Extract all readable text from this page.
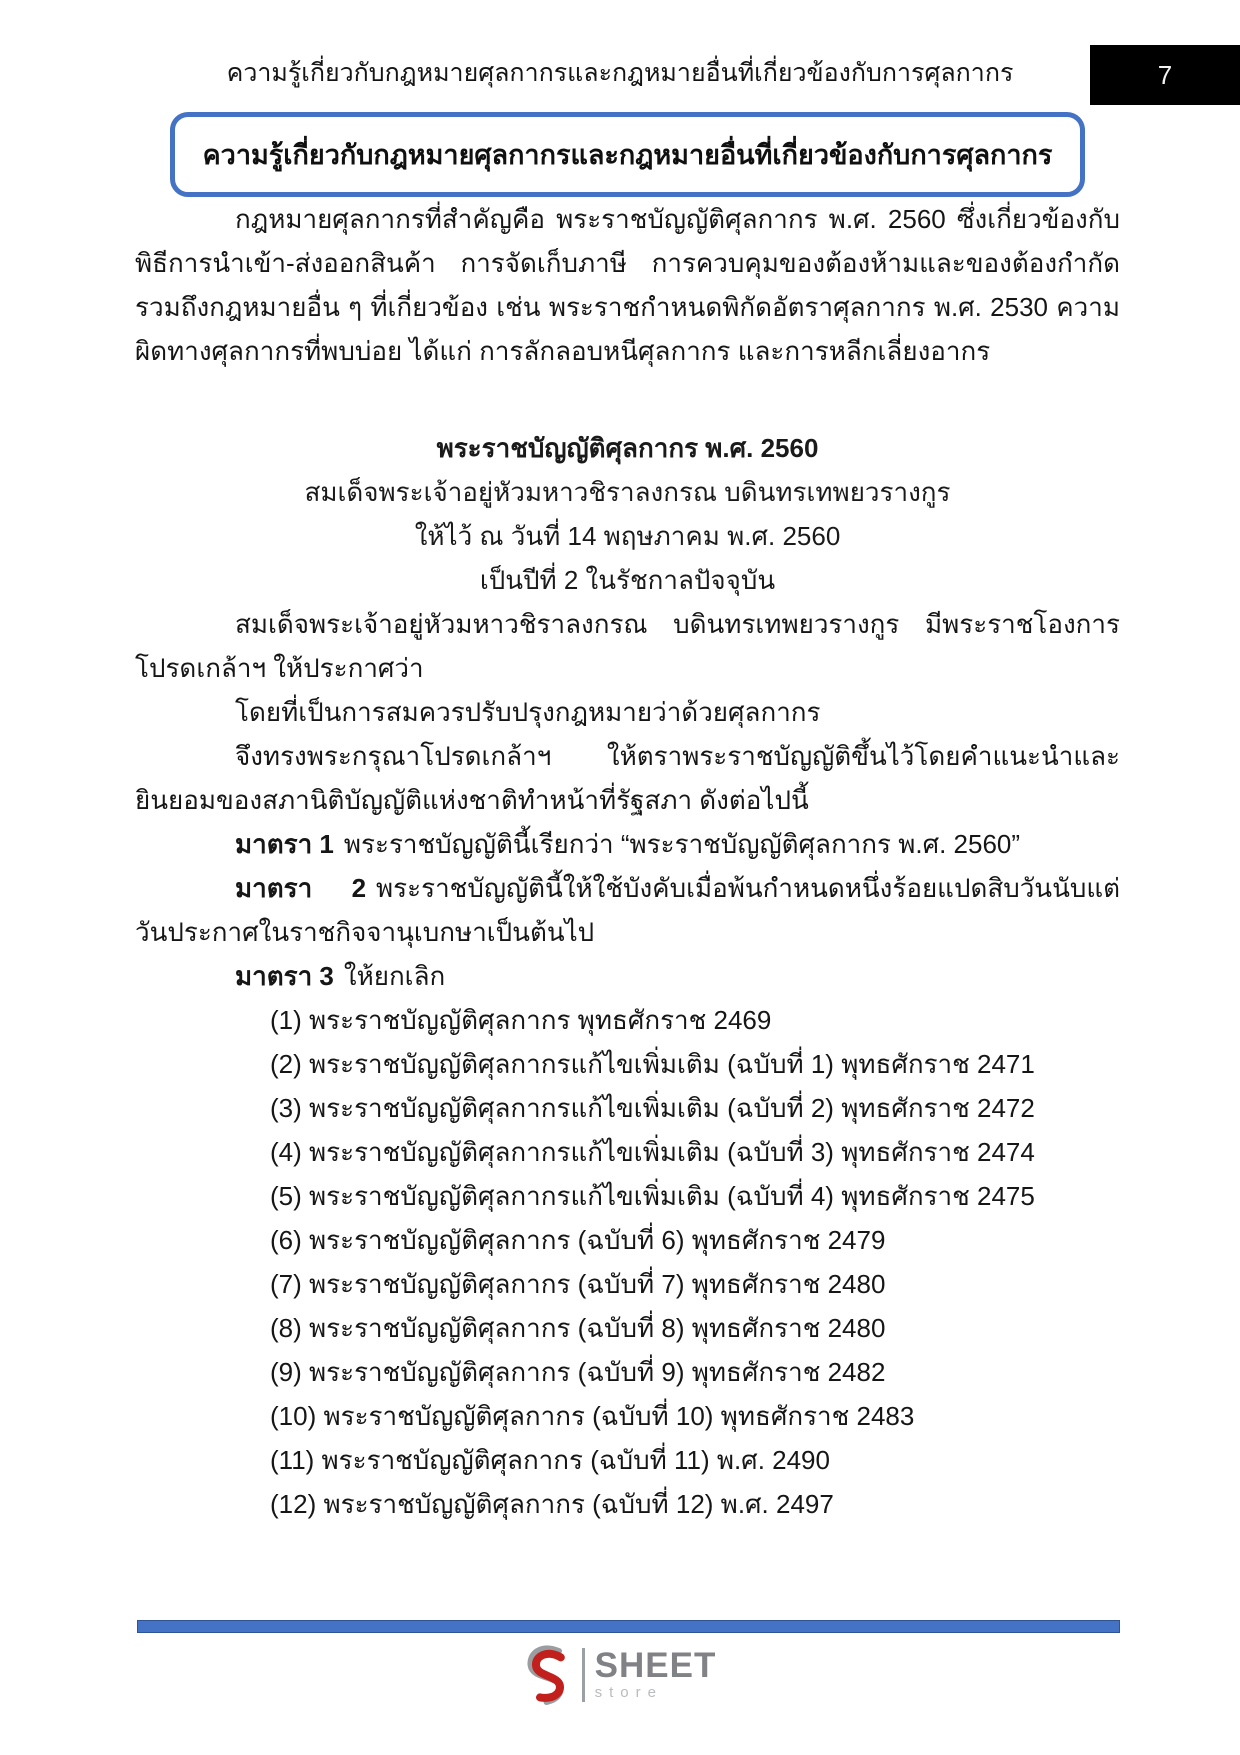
ความรู้เกี่ยวกับกฎหมายศุลกากรและกฎหมายอื่นที่เกี่ยวข้องกับการศุลกากร	7
ความรู้เกี่ยวกับกฎหมายศุลกากรและกฎหมายอื่นที่เกี่ยวข้องกับการศุลกากร

กฎหมายศุลกากรที่สำคัญคือ พระราชบัญญัติศุลกากร พ.ศ. 2560 ซึ่งเกี่ยวข้องกับพิธีการนำเข้า-ส่งออกสินค้า การจัดเก็บภาษี การควบคุมของต้องห้ามและของต้องกำกัด รวมถึงกฎหมายอื่น ๆ ที่เกี่ยวข้อง เช่น พระราชกำหนดพิกัดอัตราศุลกากร พ.ศ. 2530 ความผิดทางศุลกากรที่พบบ่อย ได้แก่ การลักลอบหนีศุลกากร และการหลีกเลี่ยงอากร

พระราชบัญญัติศุลกากร พ.ศ. 2560
สมเด็จพระเจ้าอยู่หัวมหาวชิราลงกรณ บดินทรเทพยวรางกูร
ให้ไว้ ณ วันที่ 14 พฤษภาคม พ.ศ. 2560
เป็นปีที่ 2 ในรัชกาลปัจจุบัน

สมเด็จพระเจ้าอยู่หัวมหาวชิราลงกรณ บดินทรเทพยวรางกูร มีพระราชโองการโปรดเกล้าฯ ให้ประกาศว่า

โดยที่เป็นการสมควรปรับปรุงกฎหมายว่าด้วยศุลกากร

จึงทรงพระกรุณาโปรดเกล้าฯ ให้ตราพระราชบัญญัติขึ้นไว้โดยคำแนะนำและยินยอมของสภานิติบัญญัติแห่งชาติทำหน้าที่รัฐสภา ดังต่อไปนี้

มาตรา 1 พระราชบัญญัตินี้เรียกว่า “พระราชบัญญัติศุลกากร พ.ศ. 2560”

มาตรา 2 พระราชบัญญัตินี้ให้ใช้บังคับเมื่อพ้นกำหนดหนึ่งร้อยแปดสิบวันนับแต่วันประกาศในราชกิจจานุเบกษาเป็นต้นไป

มาตรา 3 ให้ยกเลิก

(1) พระราชบัญญัติศุลกากร พุทธศักราช 2469

(2) พระราชบัญญัติศุลกากรแก้ไขเพิ่มเติม (ฉบับที่ 1) พุทธศักราช 2471

(3) พระราชบัญญัติศุลกากรแก้ไขเพิ่มเติม (ฉบับที่ 2) พุทธศักราช 2472

(4) พระราชบัญญัติศุลกากรแก้ไขเพิ่มเติม (ฉบับที่ 3) พุทธศักราช 2474

(5) พระราชบัญญัติศุลกากรแก้ไขเพิ่มเติม (ฉบับที่ 4) พุทธศักราช 2475

(6) พระราชบัญญัติศุลกากร (ฉบับที่ 6) พุทธศักราช 2479

(7) พระราชบัญญัติศุลกากร (ฉบับที่ 7) พุทธศักราช 2480

(8) พระราชบัญญัติศุลกากร (ฉบับที่ 8) พุทธศักราช 2480

(9) พระราชบัญญัติศุลกากร (ฉบับที่ 9) พุทธศักราช 2482

(10) พระราชบัญญัติศุลกากร (ฉบับที่ 10) พุทธศักราช 2483

(11) พระราชบัญญัติศุลกากร (ฉบับที่ 11) พ.ศ. 2490

(12) พระราชบัญญัติศุลกากร (ฉบับที่ 12) พ.ศ. 2497

SHEET
store
